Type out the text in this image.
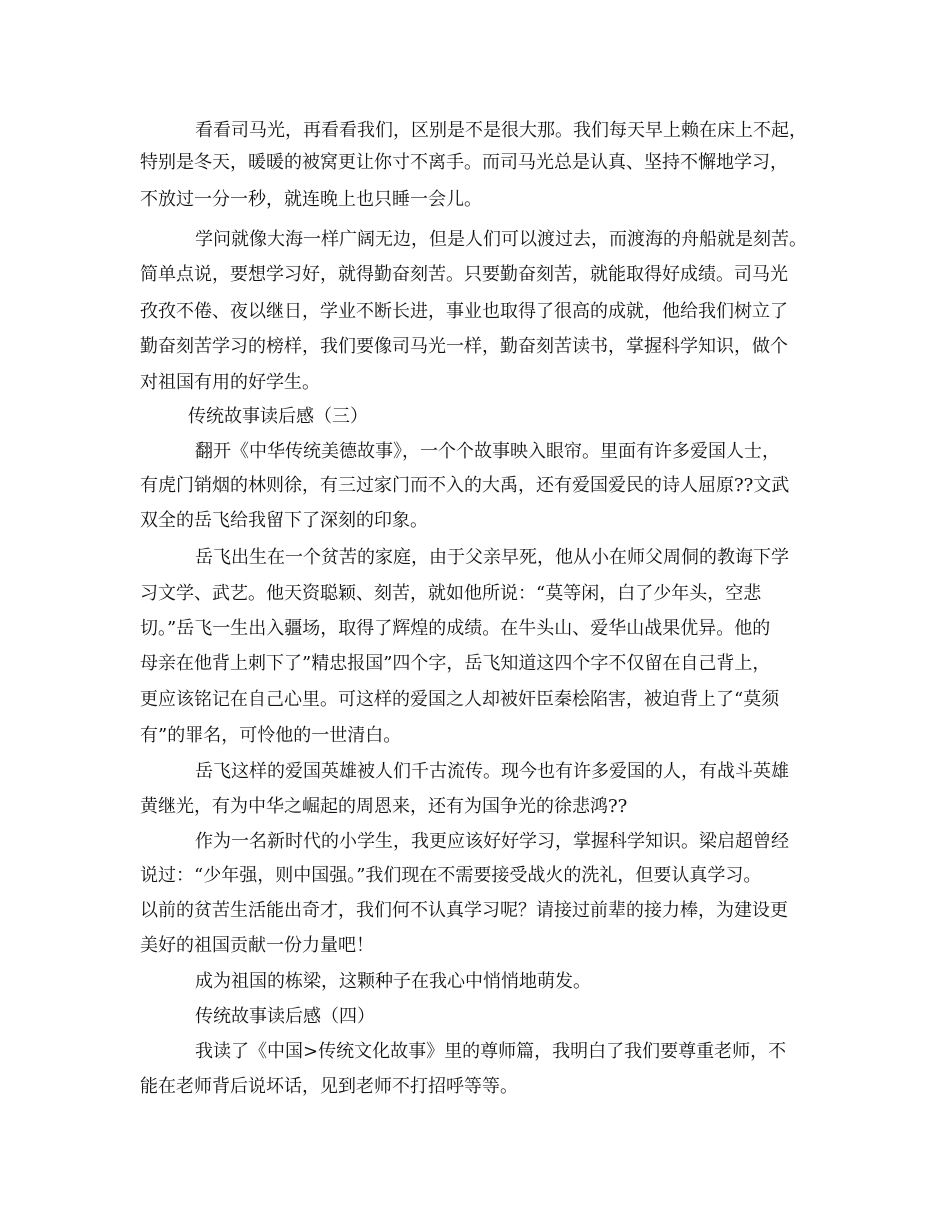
看看司马光，再看看我们，区别是不是很大那。我们每天早上赖在床上不起，
特别是冬天，暖暖的被窝更让你寸不离手。而司马光总是认真、坚持不懈地学习，
不放过一分一秒，就连晚上也只睡一会儿。
学问就像大海一样广阔无边，但是人们可以渡过去，而渡海的舟船就是刻苦。
简单点说，要想学习好，就得勤奋刻苦。只要勤奋刻苦，就能取得好成绩。司马光
孜孜不倦、夜以继日，学业不断长进，事业也取得了很高的成就，他给我们树立了
勤奋刻苦学习的榜样，我们要像司马光一样，勤奋刻苦读书，掌握科学知识，做个
对祖国有用的好学生。
传统故事读后感（三）
翻开《中华传统美德故事》，一个个故事映入眼帘。里面有许多爱国人士，
有虎门销烟的林则徐，有三过家门而不入的大禹，还有爱国爱民的诗人屈原??文武
双全的岳飞给我留下了深刻的印象。
岳飞出生在一个贫苦的家庭，由于父亲早死，他从小在师父周侗的教诲下学
习文学、武艺。他天资聪颖、刻苦，就如他所说：“莫等闲，白了少年头，空悲
切。”岳飞一生出入疆场，取得了辉煌的成绩。在牛头山、爱华山战果优异。他的
母亲在他背上刺下了”精忠报国”四个字，岳飞知道这四个字不仅留在自己背上，
更应该铭记在自己心里。可这样的爱国之人却被奸臣秦桧陷害，被迫背上了“莫须
有”的罪名，可怜他的一世清白。
岳飞这样的爱国英雄被人们千古流传。现今也有许多爱国的人，有战斗英雄
黄继光，有为中华之崛起的周恩来，还有为国争光的徐悲鸿??
作为一名新时代的小学生，我更应该好好学习，掌握科学知识。梁启超曾经
说过：“少年强，则中国强。”我们现在不需要接受战火的洗礼，但要认真学习。
以前的贫苦生活能出奇才，我们何不认真学习呢？请接过前辈的接力棒，为建设更
美好的祖国贡献一份力量吧！
成为祖国的栋梁，这颗种子在我心中悄悄地萌发。
传统故事读后感（四）
我读了《中国>传统文化故事》里的尊师篇，我明白了我们要尊重老师，不
能在老师背后说坏话，见到老师不打招呼等等。
